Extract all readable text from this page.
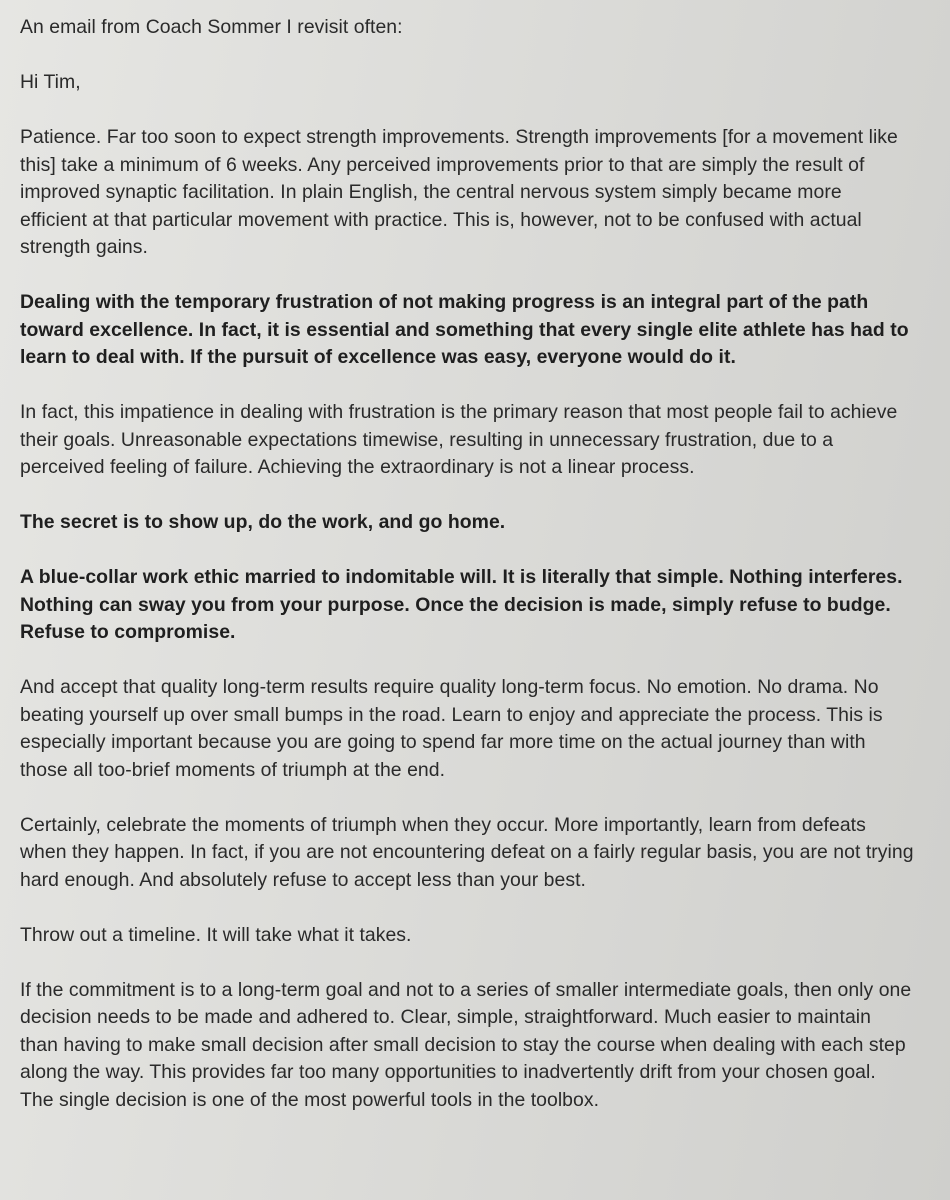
An email from Coach Sommer I revisit often:

Hi Tim,

Patience. Far too soon to expect strength improvements. Strength improvements [for a movement like this] take a minimum of 6 weeks. Any perceived improvements prior to that are simply the result of improved synaptic facilitation. In plain English, the central nervous system simply became more efficient at that particular movement with practice. This is, however, not to be confused with actual strength gains.

Dealing with the temporary frustration of not making progress is an integral part of the path toward excellence. In fact, it is essential and something that every single elite athlete has had to learn to deal with. If the pursuit of excellence was easy, everyone would do it.

In fact, this impatience in dealing with frustration is the primary reason that most people fail to achieve their goals. Unreasonable expectations timewise, resulting in unnecessary frustration, due to a perceived feeling of failure. Achieving the extraordinary is not a linear process.

The secret is to show up, do the work, and go home.

A blue-collar work ethic married to indomitable will. It is literally that simple. Nothing interferes. Nothing can sway you from your purpose. Once the decision is made, simply refuse to budge. Refuse to compromise.

And accept that quality long-term results require quality long-term focus. No emotion. No drama. No beating yourself up over small bumps in the road. Learn to enjoy and appreciate the process. This is especially important because you are going to spend far more time on the actual journey than with those all too-brief moments of triumph at the end.

Certainly, celebrate the moments of triumph when they occur. More importantly, learn from defeats when they happen. In fact, if you are not encountering defeat on a fairly regular basis, you are not trying hard enough. And absolutely refuse to accept less than your best.

Throw out a timeline. It will take what it takes.

If the commitment is to a long-term goal and not to a series of smaller intermediate goals, then only one decision needs to be made and adhered to. Clear, simple, straightforward. Much easier to maintain than having to make small decision after small decision to stay the course when dealing with each step along the way. This provides far too many opportunities to inadvertently drift from your chosen goal. The single decision is one of the most powerful tools in the toolbox.
